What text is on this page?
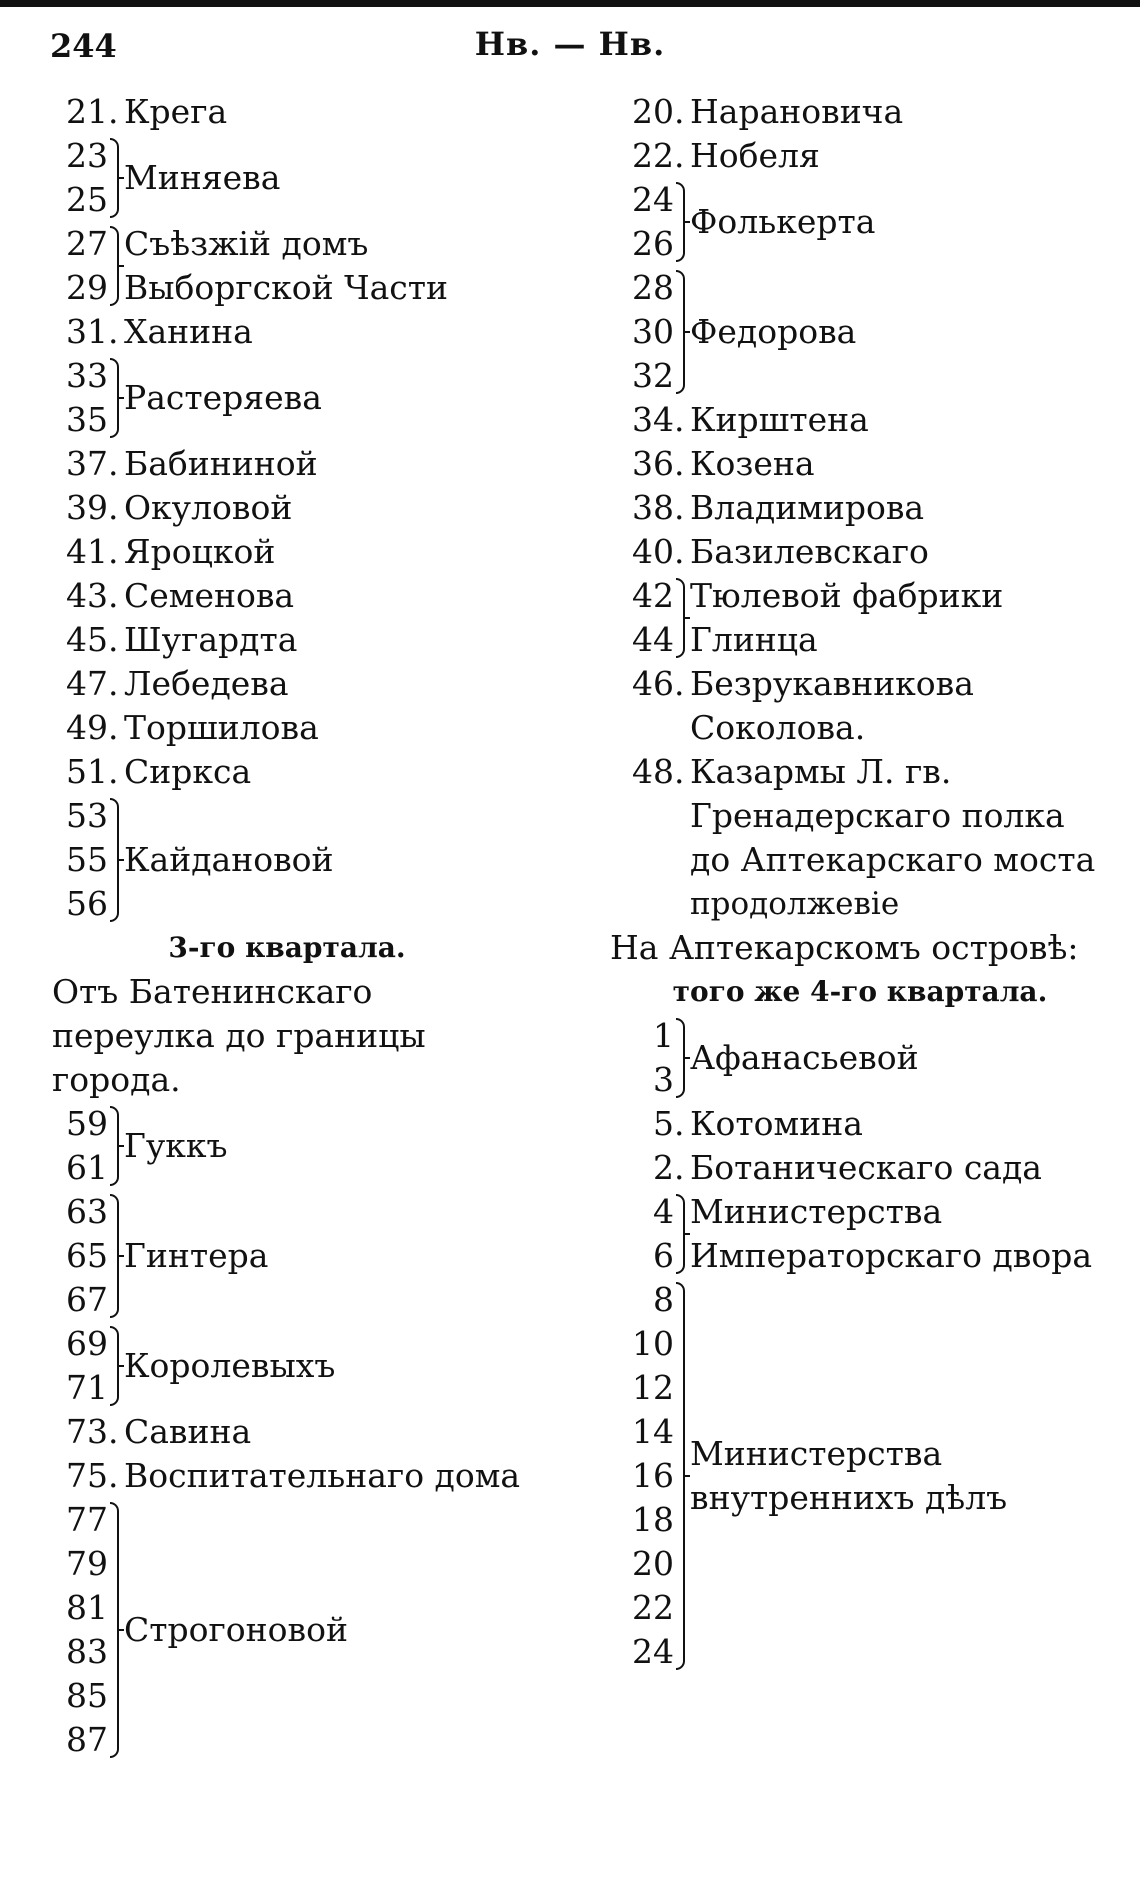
244	Нв. — Нв.
21 . Крега
23
25
Миняева
27
29
Съѣзжій домъ Выборгской Части
31 . Ханина
33
35
Растеряева
37 . Бабининой
39 . Окуловой
41 . Яроцкой
43 . Семенова
45 . Шугардта
47 . Лебедева
49 . Торшилова
51 . Сиркса
53
55
56
Кайдановой
3-го квартала.
Отъ Батенинскаго переулка до границы города.
59
61
Гуккъ
63
65
67
Гинтера
69
71
Королевыхъ
73 . Савина
75 . Воспитательнаго дома
77
79
81
83
85
87
Строгоновой
20 . Нарановича
22 . Нобеля
24
26
Фолькерта
28
30
32
Федорова
34 . Кирштена
36 . Козена
38 . Владимирова
40 . Базилевскаго
42
44
Тюлевой фабрики Глинца
46 . Безрукавникова Соколова.
48 . Казармы Л. гв. Гренадерскаго полка до Аптекарскаго моста
продолжевіе
На Аптекарскомъ островѣ:
того же 4-го квартала.
1
3
Афанасьевой
5 . Котомина
2 . Ботаническаго сада
4
6
Министерства Императорскаго двора
8
10
12
14
16
18
20
22
24
Министерства внутреннихъ дѣлъ
